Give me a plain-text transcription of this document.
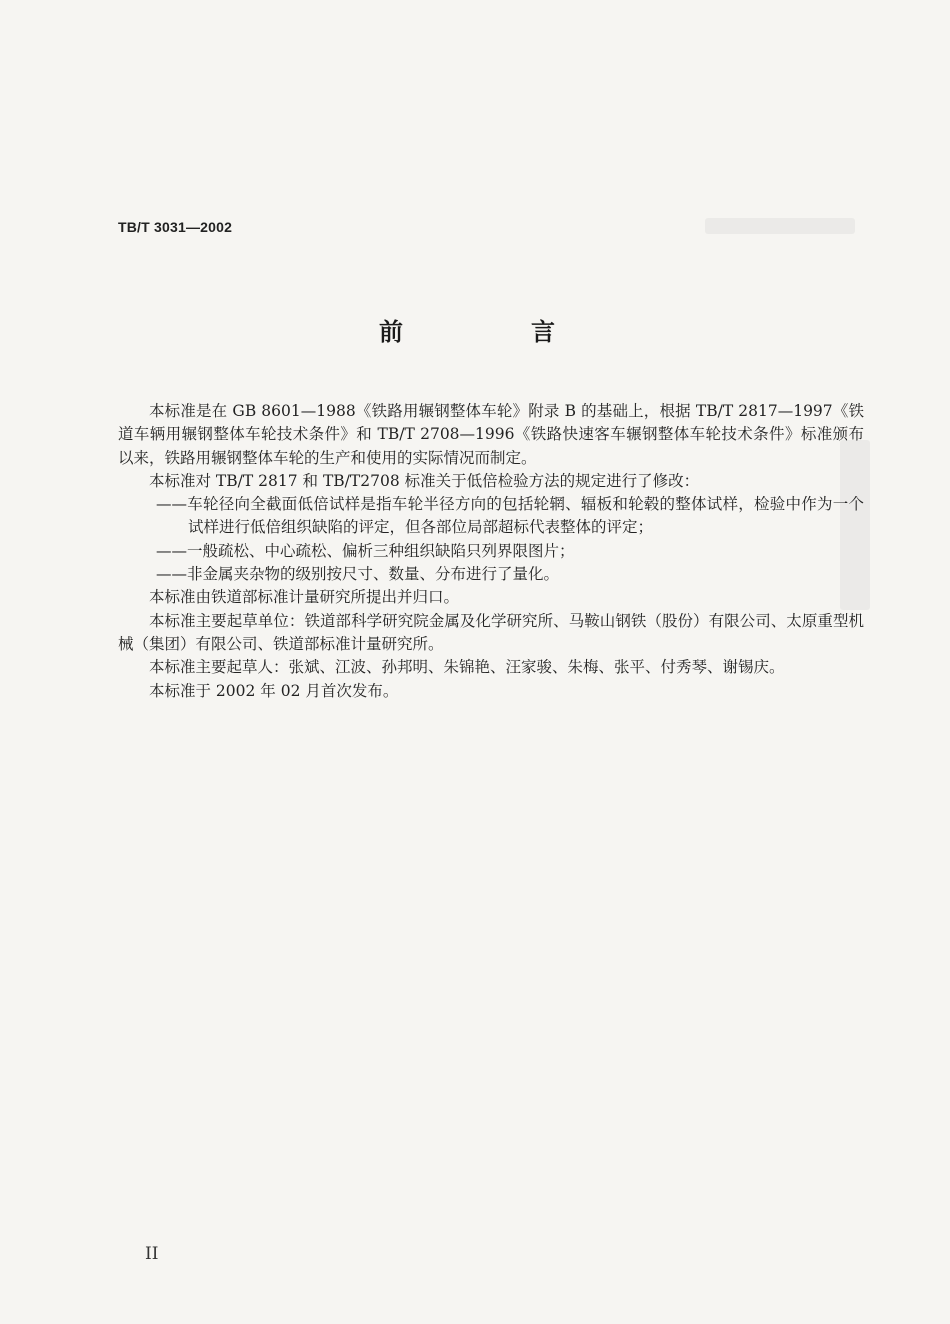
TB/T 3031—2002
前　言

本标准是在 GB 8601—1988《铁路用辗钢整体车轮》附录 B 的基础上，根据 TB/T 2817—1997《铁道车辆用辗钢整体车轮技术条件》和 TB/T 2708—1996《铁路快速客车辗钢整体车轮技术条件》标准颁布以来，铁路用辗钢整体车轮的生产和使用的实际情况而制定。

本标准对 TB/T 2817 和 TB/T2708 标准关于低倍检验方法的规定进行了修改：

——车轮径向全截面低倍试样是指车轮半径方向的包括轮辋、辐板和轮毂的整体试样，检验中作为一个试样进行低倍组织缺陷的评定，但各部位局部超标代表整体的评定；

——一般疏松、中心疏松、偏析三种组织缺陷只列界限图片；

——非金属夹杂物的级别按尺寸、数量、分布进行了量化。

本标准由铁道部标准计量研究所提出并归口。

本标准主要起草单位：铁道部科学研究院金属及化学研究所、马鞍山钢铁（股份）有限公司、太原重型机械（集团）有限公司、铁道部标准计量研究所。

本标准主要起草人：张斌、江波、孙邦明、朱锦艳、汪家骏、朱梅、张平、付秀琴、谢锡庆。

本标准于 2002 年 02 月首次发布。

II
